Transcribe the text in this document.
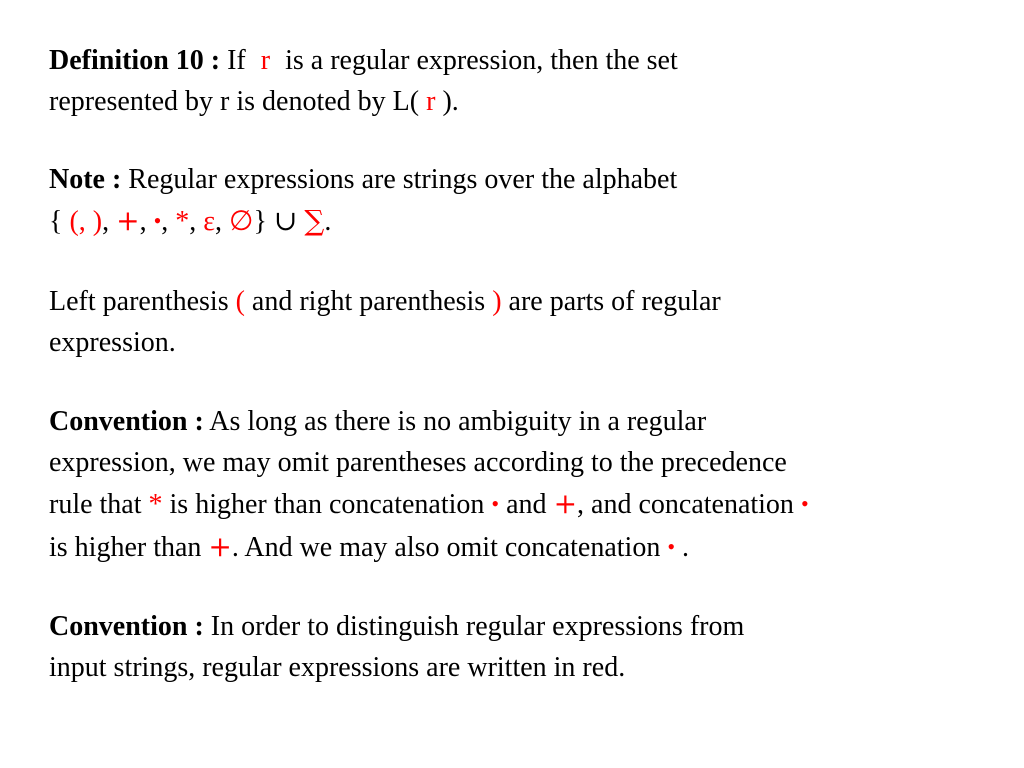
Definition 10 : If r is a regular expression, then the set
represented by r is denoted by L( r ).

Note : Regular expressions are strings over the alphabet
{ (, ), +, •, *, ε, ∅} ∪ ∑.

Left parenthesis ( and right parenthesis ) are parts of regular
expression.

Convention : As long as there is no ambiguity in a regular
expression, we may omit parentheses according to the precedence
rule that * is higher than concatenation • and +, and concatenation •
is higher than +. And we may also omit concatenation • .

Convention : In order to distinguish regular expressions from
input strings, regular expressions are written in red.
